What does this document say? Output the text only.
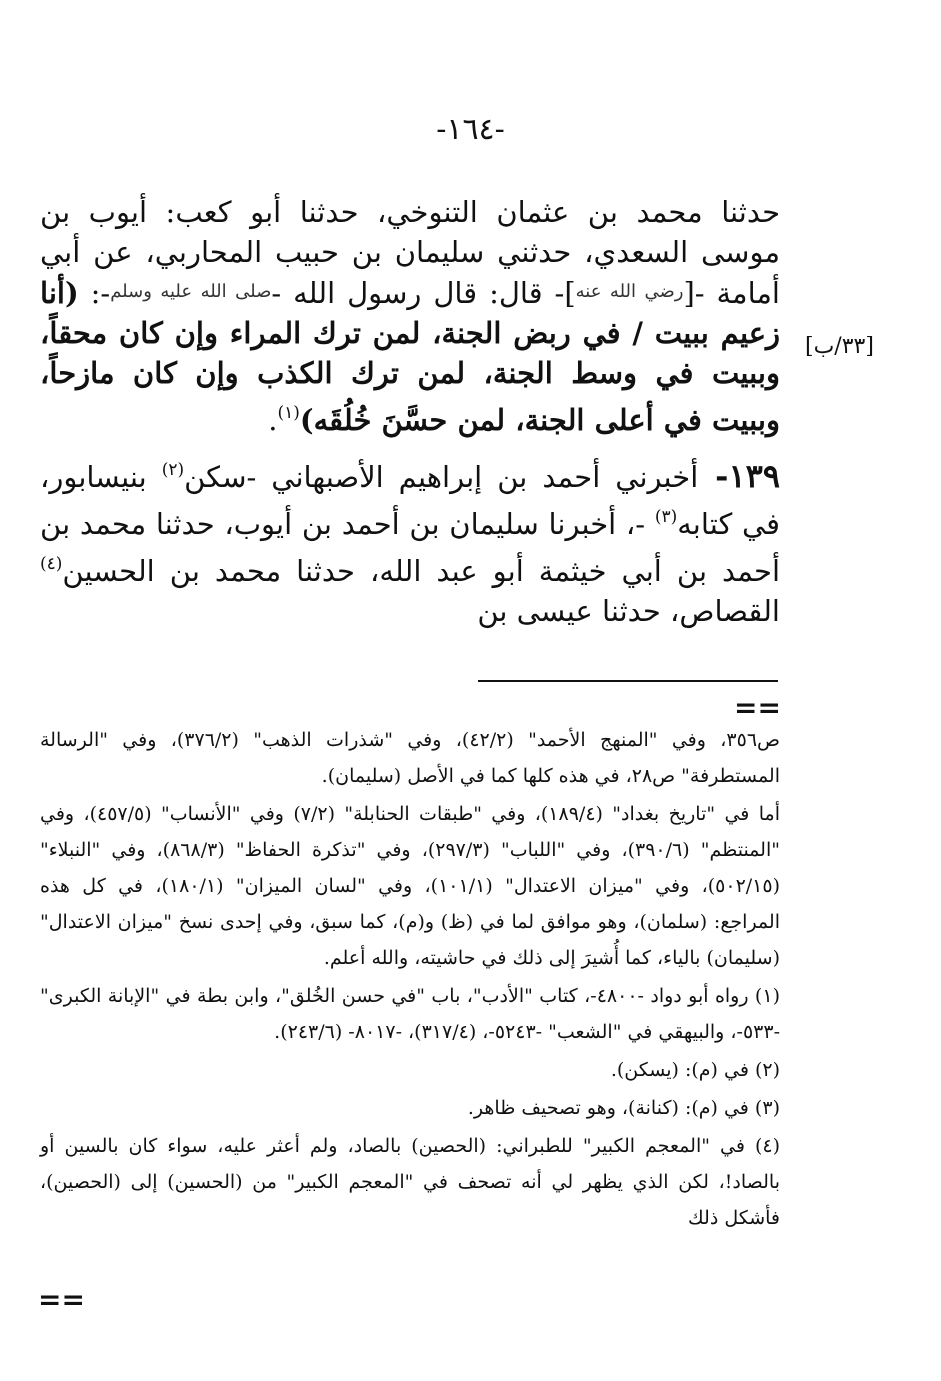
-١٦٤-
[٣٣/ب]

حدثنا محمد بن عثمان التنوخي، حدثنا أبو كعب: أيوب بن موسى السعدي، حدثني سليمان بن حبيب المحاربي، عن أبي أمامة -[$^{رضي الله عنه}$]- قال: قال رسول الله -$^{صلى الله عليه وسلم}$-: (أنا زعيم ببيت / في ربض الجنة، لمن ترك المراء وإن كان محقاً، وببيت في وسط الجنة، لمن ترك الكذب وإن كان مازحاً، وببيت في أعلى الجنة، لمن حسَّنَ خُلُقَه)$^{(١)}$.

١٣٩- أخبرني أحمد بن إبراهيم الأصبهاني -سكن$^{(٢)}$ بنيسابور، في كتابه$^{(٣)}$ -، أخبرنا سليمان بن أحمد بن أيوب، حدثنا محمد بن أحمد بن أبي خيثمة أبو عبد الله، حدثنا محمد بن الحسين$^{(٤)}$ القصاص، حدثنا عيسى بن

==

ص٣٥٦، وفي "المنهج الأحمد" (٤٢/٢)، وفي "شذرات الذهب" (٣٧٦/٢)، وفي "الرسالة المستطرفة" ص٢٨، في هذه كلها كما في الأصل (سليمان).

أما في "تاريخ بغداد" (١٨٩/٤)، وفي "طبقات الحنابلة" (٧/٢) وفي "الأنساب" (٤٥٧/٥)، وفي "المنتظم" (٣٩٠/٦)، وفي "اللباب" (٢٩٧/٣)، وفي "تذكرة الحفاظ" (٨٦٨/٣)، وفي "النبلاء" (٥٠٢/١٥)، وفي "ميزان الاعتدال" (١٠١/١)، وفي "لسان الميزان" (١٨٠/١)، في كل هذه المراجع: (سلمان)، وهو موافق لما في (ظ) و(م)، كما سبق، وفي إحدى نسخ "ميزان الاعتدال" (سليمان) بالياء، كما أُشيرَ إلى ذلك في حاشيته، والله أعلم.

(١) رواه أبو دواد -٤٨٠٠-، كتاب "الأدب"، باب "في حسن الخُلق"، وابن بطة في "الإبانة الكبرى" -٥٣٣-، والبيهقي في "الشعب" -٥٢٤٣-، (٣١٧/٤)، -٨٠١٧- (٢٤٣/٦).

(٢) في (م): (يسكن).

(٣) في (م): (كنانة)، وهو تصحيف ظاهر.

(٤) في "المعجم الكبير" للطبراني: (الحصين) بالصاد، ولم أعثر عليه، سواء كان بالسين أو بالصاد!، لكن الذي يظهر لي أنه تصحف في "المعجم الكبير" من (الحسين) إلى (الحصين)، فأشكل ذلك

==
